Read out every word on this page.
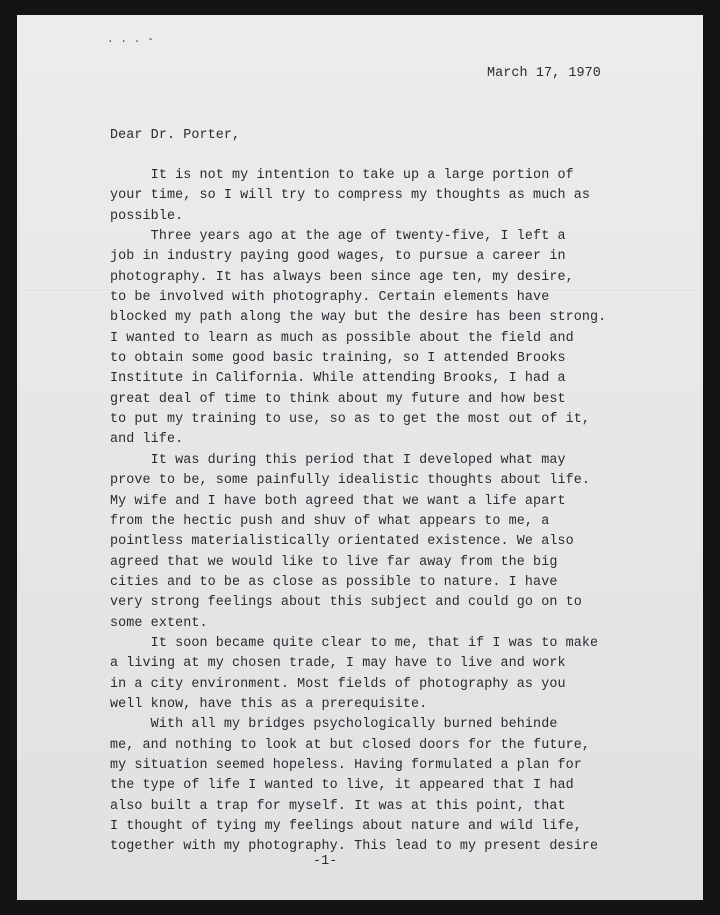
. . . -
March 17, 1970
Dear Dr. Porter,
It is not my intention to take up a large portion of
your time, so I will try to compress my thoughts as much as
possible.
Three years ago at the age of twenty-five, I left a
job in industry paying good wages, to pursue a career in
photography. It has always been since age ten, my desire,
to be involved with photography. Certain elements have
blocked my path along the way but the desire has been strong.
I wanted to learn as much as possible about the field and
to obtain some good basic training, so I attended Brooks
Institute in California. While attending Brooks, I had a
great deal of time to think about my future and how best
to put my training to use, so as to get the most out of it,
and life.
It was during this period that I developed what may
prove to be, some painfully idealistic thoughts about life.
My wife and I have both agreed that we want a life apart
from the hectic push and shuv of what appears to me, a
pointless materialistically orientated existence. We also
agreed that we would like to live far away from the big
cities and to be as close as possible to nature. I have
very strong feelings about this subject and could go on to
some extent.
It soon became quite clear to me, that if I was to make
a living at my chosen trade, I may have to live and work
in a city environment. Most fields of photography as you
well know, have this as a prerequisite.
With all my bridges psychologically burned behinde
me, and nothing to look at but closed doors for the future,
my situation seemed hopeless. Having formulated a plan for
the type of life I wanted to live, it appeared that I had
also built a trap for myself. It was at this point, that
I thought of tying my feelings about nature and wild life,
together with my photography. This lead to my present desire
-1-
